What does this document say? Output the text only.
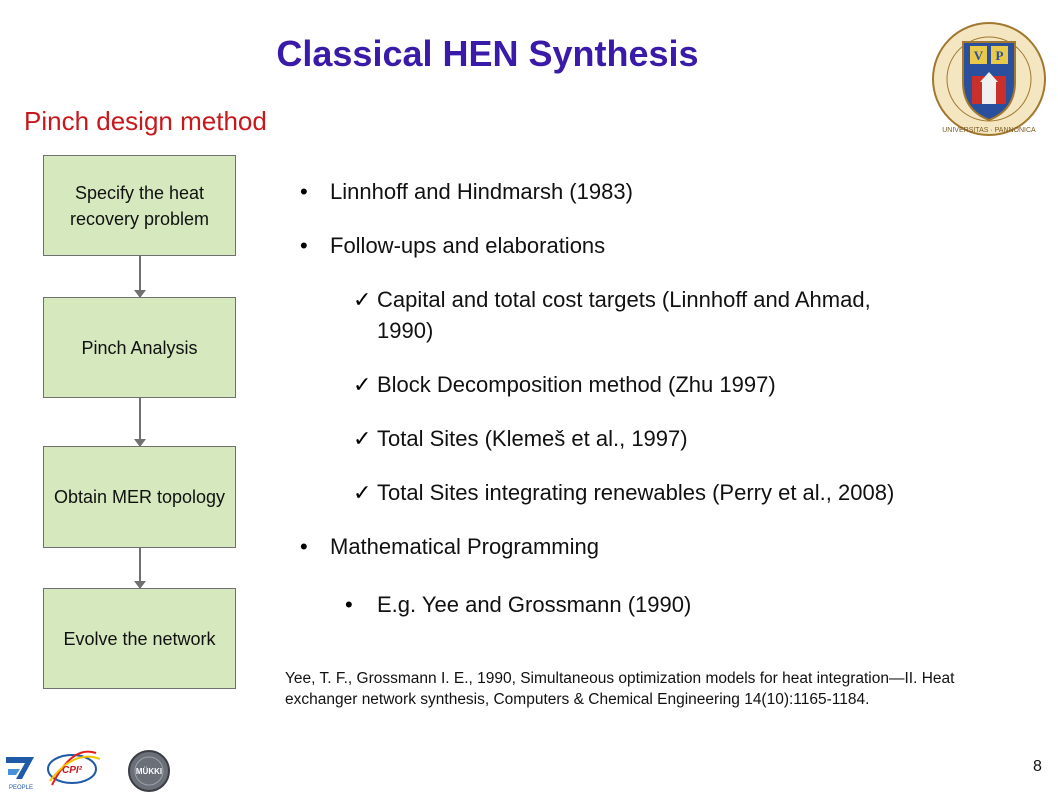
Classical HEN Synthesis
Pinch design method
V P
UNIVERSITAS · PANNONICA
Specify the heat recovery problem
Pinch Analysis
Obtain MER topology
Evolve the network
• Linnhoff and Hindmarsh (1983)
• Follow-ups and elaborations
✓ Capital and total cost targets (Linnhoff and Ahmad,
1990)
✓ Block Decomposition method (Zhu 1997)
✓ Total Sites (Klemeš et al., 1997)
✓ Total Sites integrating renewables (Perry et al., 2008)
• Mathematical Programming
• E.g. Yee and Grossmann (1990)
Yee, T. F., Grossmann I. E., 1990, Simultaneous optimization models for heat integration—II. Heat exchanger network synthesis, Computers & Chemical Engineering 14(10):1165-1184.
PEOPLE
CPI²	MÜKKI	8
